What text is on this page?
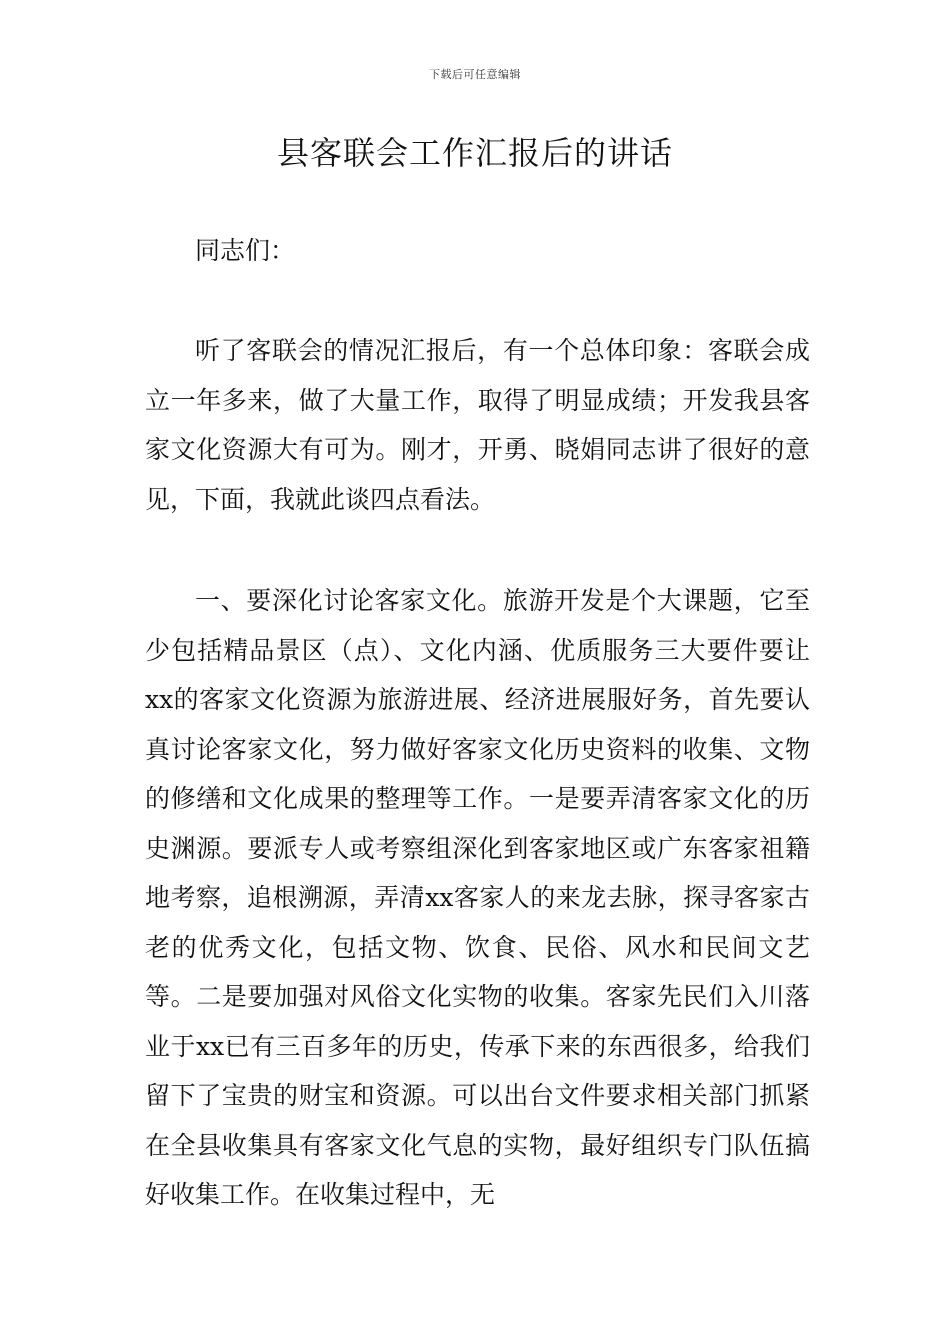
下载后可任意编辑
县客联会工作汇报后的讲话

同志们：

听了客联会的情况汇报后，有一个总体印象：客联会成立一年多来，做了大量工作，取得了明显成绩；开发我县客家文化资源大有可为。刚才，开勇、晓娟同志讲了很好的意见，下面，我就此谈四点看法。

一、要深化讨论客家文化。旅游开发是个大课题，它至少包括精品景区（点）、文化内涵、优质服务三大要件要让xx的客家文化资源为旅游进展、经济进展服好务，首先要认真讨论客家文化，努力做好客家文化历史资料的收集、文物的修缮和文化成果的整理等工作。一是要弄清客家文化的历史渊源。要派专人或考察组深化到客家地区或广东客家祖籍地考察，追根溯源，弄清xx客家人的来龙去脉，探寻客家古老的优秀文化，包括文物、饮食、民俗、风水和民间文艺等。二是要加强对风俗文化实物的收集。客家先民们入川落业于xx已有三百多年的历史，传承下来的东西很多，给我们留下了宝贵的财宝和资源。可以出台文件要求相关部门抓紧在全县收集具有客家文化气息的实物，最好组织专门队伍搞好收集工作。在收集过程中，无
